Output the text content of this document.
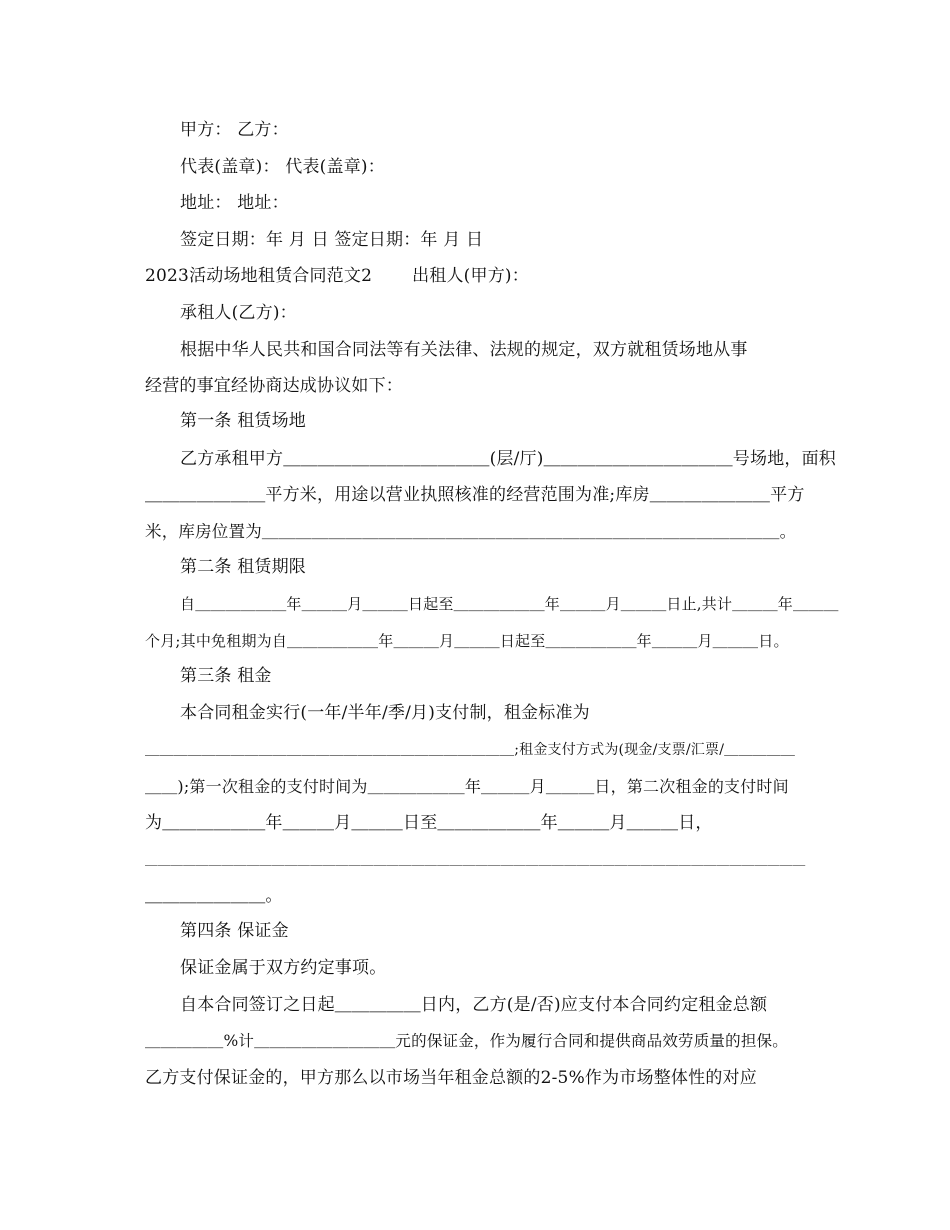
甲方： 乙方：
代表(盖章)： 代表(盖章)：
地址： 地址：
签定日期：年 月 日 签定日期：年 月 日
2023活动场地租赁合同范文2　　 出租人(甲方)：
承租人(乙方)：
根据中华人民共和国合同法等有关法律、法规的规定，双方就租赁场地从事
经营的事宜经协商达成协议如下：
第一条 租赁场地
乙方承租甲方＿＿＿＿＿＿＿＿＿＿＿＿(层/厅)＿＿＿＿＿＿＿＿＿＿＿号场地，面积
＿＿＿＿＿＿＿平方米，用途以营业执照核准的经营范围为准;库房＿＿＿＿＿＿＿平方
米，库房位置为＿＿＿＿＿＿＿＿＿＿＿＿＿＿＿＿＿＿＿＿＿＿＿＿＿＿＿＿＿＿＿。
第二条 租赁期限
自＿＿＿＿＿＿年＿＿＿月＿＿＿日起至＿＿＿＿＿＿年＿＿＿月＿＿＿日止,共计＿＿＿年＿＿＿
个月;其中免租期为自＿＿＿＿＿＿年＿＿＿月＿＿＿日起至＿＿＿＿＿＿年＿＿＿月＿＿＿日。
第三条 租金
本合同租金实行(一年/半年/季/月)支付制，租金标准为
＿＿＿＿＿＿＿＿＿＿＿＿＿＿＿＿＿＿＿＿＿＿＿＿＿＿;租金支付方式为(现金/支票/汇票/＿＿＿＿＿
＿＿);第一次租金的支付时间为＿＿＿＿＿＿年＿＿＿月＿＿＿日，第二次租金的支付时间
为＿＿＿＿＿＿年＿＿＿月＿＿＿日至＿＿＿＿＿＿年＿＿＿月＿＿＿日，
＿＿＿＿＿＿＿＿＿＿＿＿＿＿＿＿＿＿＿＿＿＿＿＿＿＿＿＿＿＿＿＿＿＿＿＿＿＿＿＿＿＿＿＿＿＿＿＿＿＿＿＿
＿＿＿＿＿＿＿。
第四条 保证金
保证金属于双方约定事项。
自本合同签订之日起＿＿＿＿＿日内，乙方(是/否)应支付本合同约定租金总额
＿＿＿＿＿%计＿＿＿＿＿＿＿＿＿元的保证金，作为履行合同和提供商品效劳质量的担保。
乙方支付保证金的，甲方那么以市场当年租金总额的2-5%作为市场整体性的对应
